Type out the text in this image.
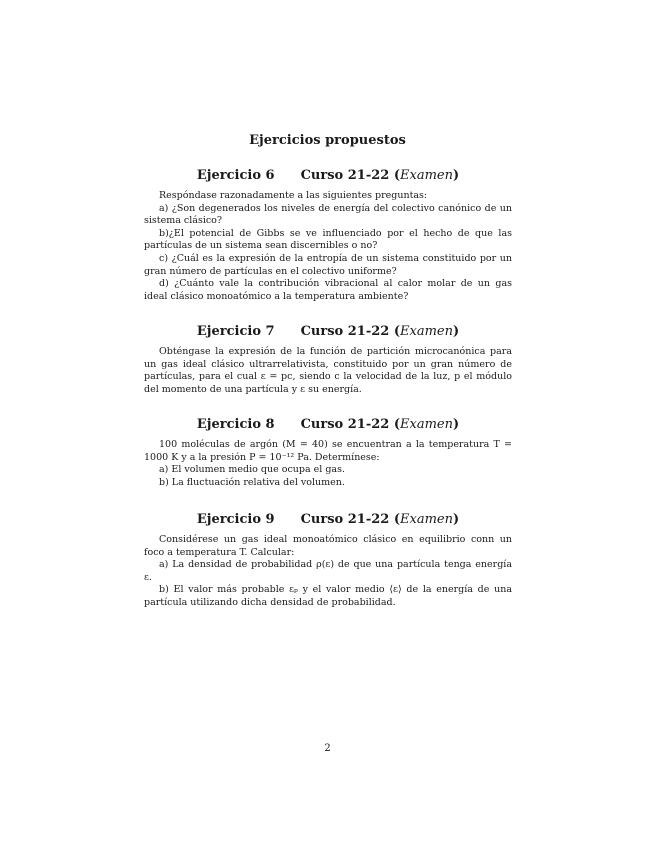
Ejercicios propuestos
Ejercicio 6 Curso 21-22 (Examen)

Respóndase razonadamente a las siguientes preguntas:

a) ¿Son degenerados los niveles de energía del colectivo canónico de un sistema clásico?

b)¿El potencial de Gibbs se ve influenciado por el hecho de que las partículas de un sistema sean discernibles o no?

c) ¿Cuál es la expresión de la entropía de un sistema constituido por un gran número de partículas en el colectivo uniforme?

d) ¿Cuánto vale la contribución vibracional al calor molar de un gas ideal clásico monoatómico a la temperatura ambiente?

Ejercicio 7 Curso 21-22 (Examen)

Obténgase la expresión de la función de partición microcanónica para un gas ideal clásico ultrarrelativista, constituido por un gran número de partículas, para el cual ε = pc, siendo c la velocidad de la luz, p el módulo del momento de una partícula y ε su energía.

Ejercicio 8 Curso 21-22 (Examen)

100 moléculas de argón (M = 40) se encuentran a la temperatura T = 1000 K y a la presión P = 10⁻¹² Pa. Determínese:

a) El volumen medio que ocupa el gas.

b) La fluctuación relativa del volumen.

Ejercicio 9 Curso 21-22 (Examen)

Considérese un gas ideal monoatómico clásico en equilibrio conn un foco a temperatura T. Calcular:

a) La densidad de probabilidad ρ(ε) de que una partícula tenga energía ε.

b) El valor más probable εₚ y el valor medio ⟨ε⟩ de la energía de una partícula utilizando dicha densidad de probabilidad.

2
